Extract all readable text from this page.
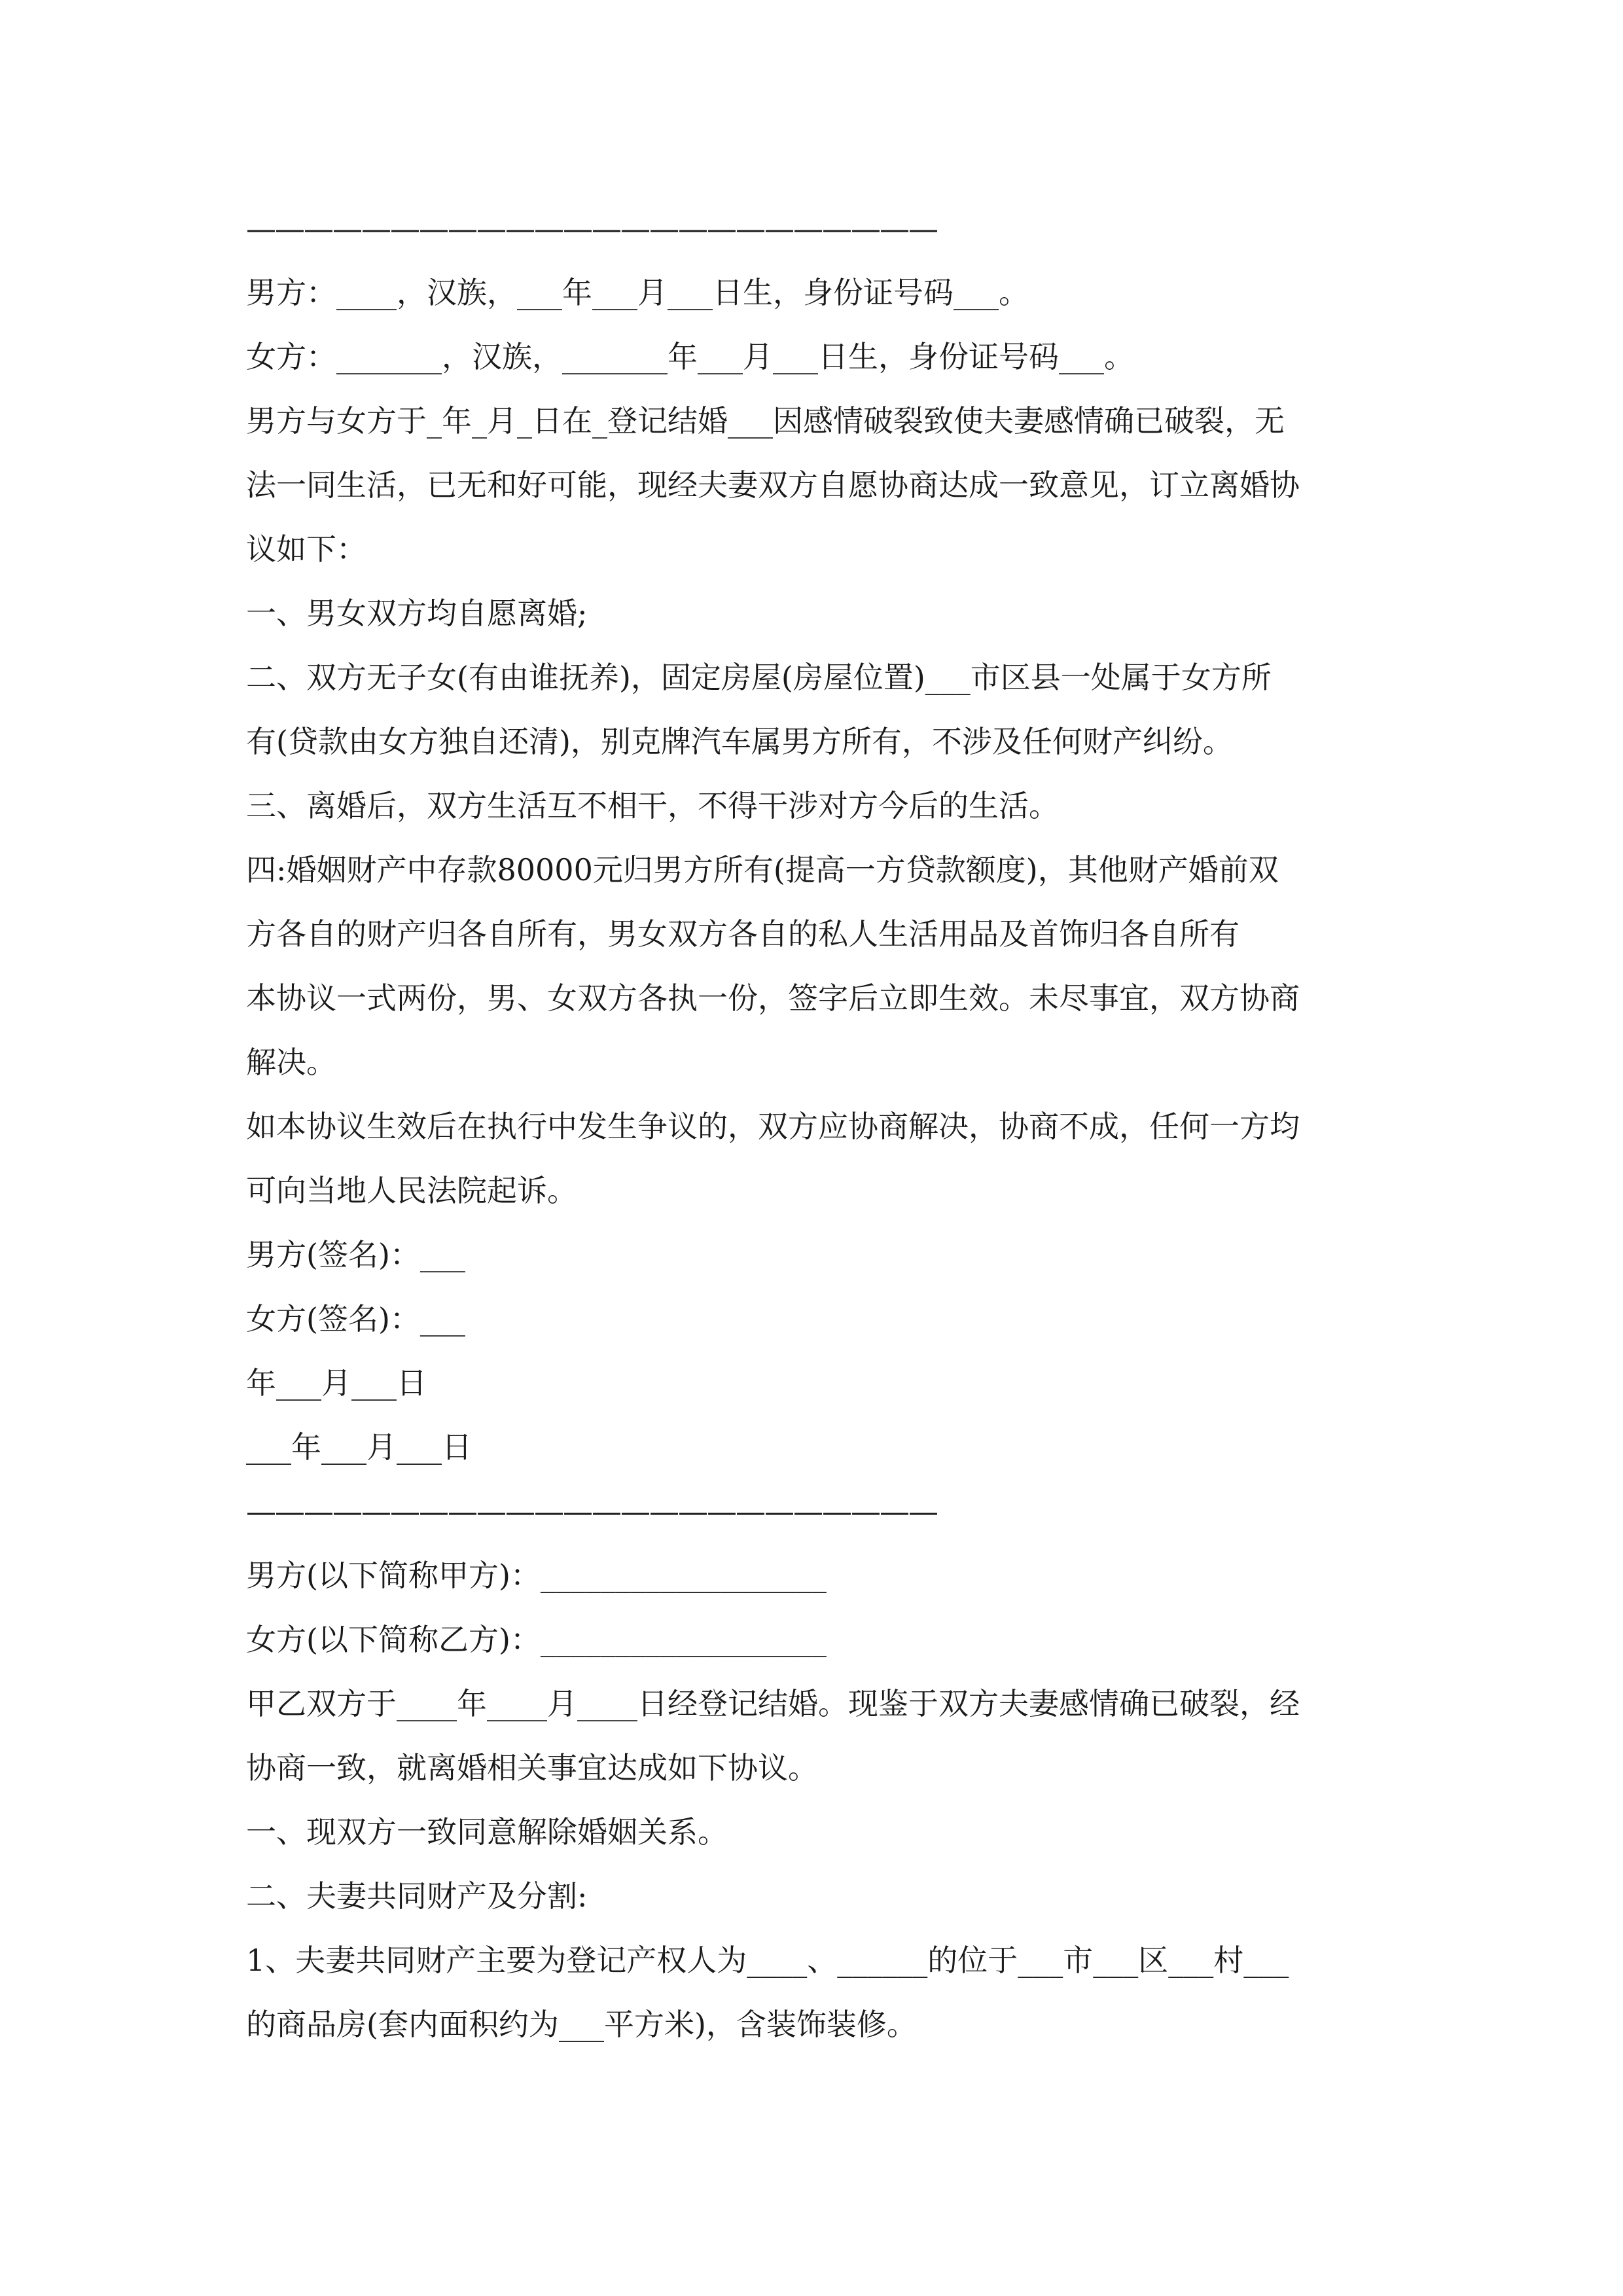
————————————————————————
男方：____，汉族，___年___月___日生，身份证号码___。
女方：_______，汉族，_______年___月___日生，身份证号码___。
男方与女方于_年_月_日在_登记结婚___因感情破裂致使夫妻感情确已破裂，无
法一同生活，已无和好可能，现经夫妻双方自愿协商达成一致意见，订立离婚协
议如下：
一、男女双方均自愿离婚;
二、双方无子女(有由谁抚养)，固定房屋(房屋位置)___市区县一处属于女方所
有(贷款由女方独自还清)，别克牌汽车属男方所有，不涉及任何财产纠纷。
三、离婚后，双方生活互不相干，不得干涉对方今后的生活。
四:婚姻财产中存款80000元归男方所有(提高一方贷款额度)，其他财产婚前双
方各自的财产归各自所有，男女双方各自的私人生活用品及首饰归各自所有
本协议一式两份，男、女双方各执一份，签字后立即生效。未尽事宜，双方协商
解决。
如本协议生效后在执行中发生争议的，双方应协商解决，协商不成，任何一方均
可向当地人民法院起诉。
男方(签名)：___
女方(签名)：___
年___月___日
___年___月___日
————————————————————————
男方(以下简称甲方)：___________________
女方(以下简称乙方)：___________________
甲乙双方于____年____月____日经登记结婚。现鉴于双方夫妻感情确已破裂，经
协商一致，就离婚相关事宜达成如下协议。
一、现双方一致同意解除婚姻关系。
二、夫妻共同财产及分割:
1、夫妻共同财产主要为登记产权人为____、______的位于___市___区___村___
的商品房(套内面积约为___平方米)，含装饰装修。
